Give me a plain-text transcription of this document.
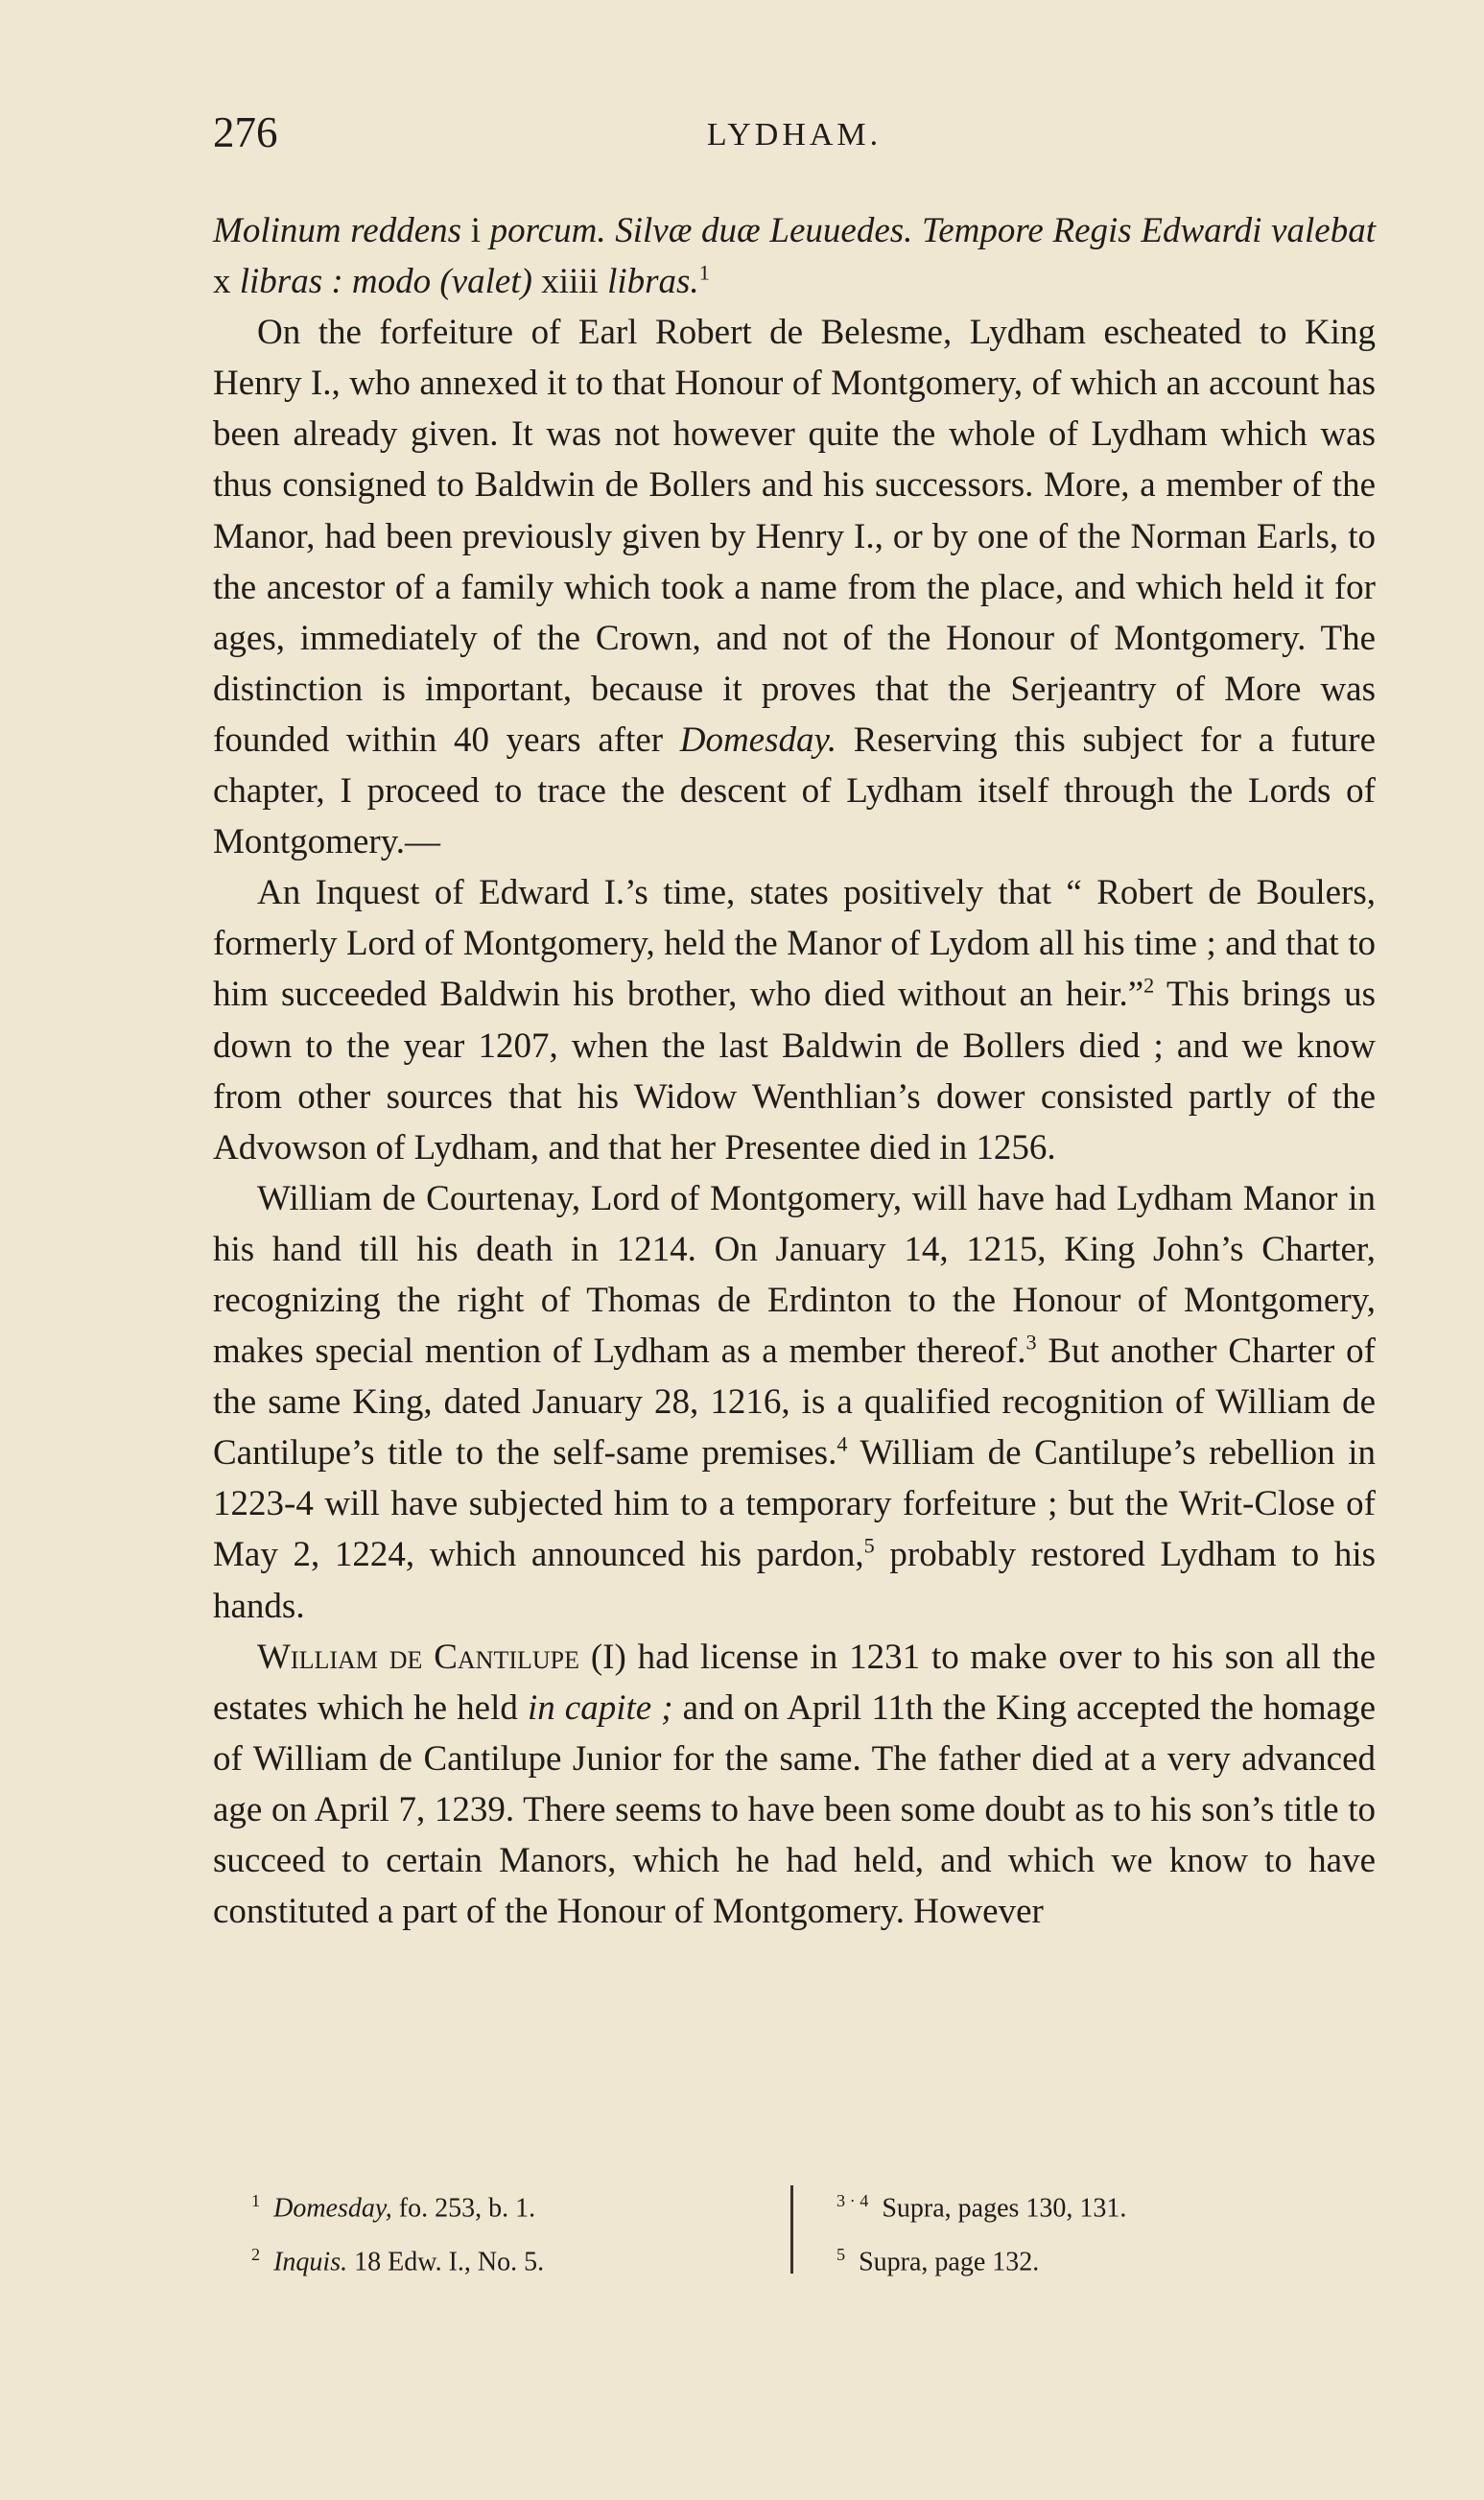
276	LYDHAM.

Molinum reddens i porcum. Silvæ duæ Leuuedes. Tempore Regis Edwardi valebat x libras : modo (valet) xiiii libras.$^1$

On the forfeiture of Earl Robert de Belesme, Lydham escheated to King Henry I., who annexed it to that Honour of Montgomery, of which an account has been already given. It was not however quite the whole of Lydham which was thus consigned to Baldwin de Bollers and his successors. More, a member of the Manor, had been previously given by Henry I., or by one of the Norman Earls, to the ancestor of a family which took a name from the place, and which held it for ages, immediately of the Crown, and not of the Honour of Montgomery. The distinction is important, because it proves that the Serjeantry of More was founded within 40 years after Domesday. Reserving this subject for a future chapter, I proceed to trace the descent of Lydham itself through the Lords of Montgomery.—

An Inquest of Edward I.’s time, states positively that “ Robert de Boulers, formerly Lord of Montgomery, held the Manor of Lydom all his time ; and that to him succeeded Baldwin his brother, who died without an heir.”$^2$ This brings us down to the year 1207, when the last Baldwin de Bollers died ; and we know from other sources that his Widow Wenthlian’s dower consisted partly of the Advowson of Lydham, and that her Presentee died in 1256.

William de Courtenay, Lord of Montgomery, will have had Lydham Manor in his hand till his death in 1214. On January 14, 1215, King John’s Charter, recognizing the right of Thomas de Erdinton to the Honour of Montgomery, makes special mention of Lydham as a member thereof.$^3$ But another Charter of the same King, dated January 28, 1216, is a qualified recognition of William de Cantilupe’s title to the self-same premises.$^4$ William de Cantilupe’s rebellion in 1223-4 will have subjected him to a temporary forfeiture ; but the Writ-Close of May 2, 1224, which announced his pardon,$^5$ probably restored Lydham to his hands.

William de Cantilupe (I) had license in 1231 to make over to his son all the estates which he held in capite ; and on April 11th the King accepted the homage of William de Cantilupe Junior for the same. The father died at a very advanced age on April 7, 1239. There seems to have been some doubt as to his son’s title to succeed to certain Manors, which he had held, and which we know to have constituted a part of the Honour of Montgomery. However

$^1$ Domesday, fo. 253, b. 1.
$^2$ Inquis. 18 Edw. I., No. 5.
$^{3 \cdot 4}$ Supra, pages 130, 131.
$^5$ Supra, page 132.
